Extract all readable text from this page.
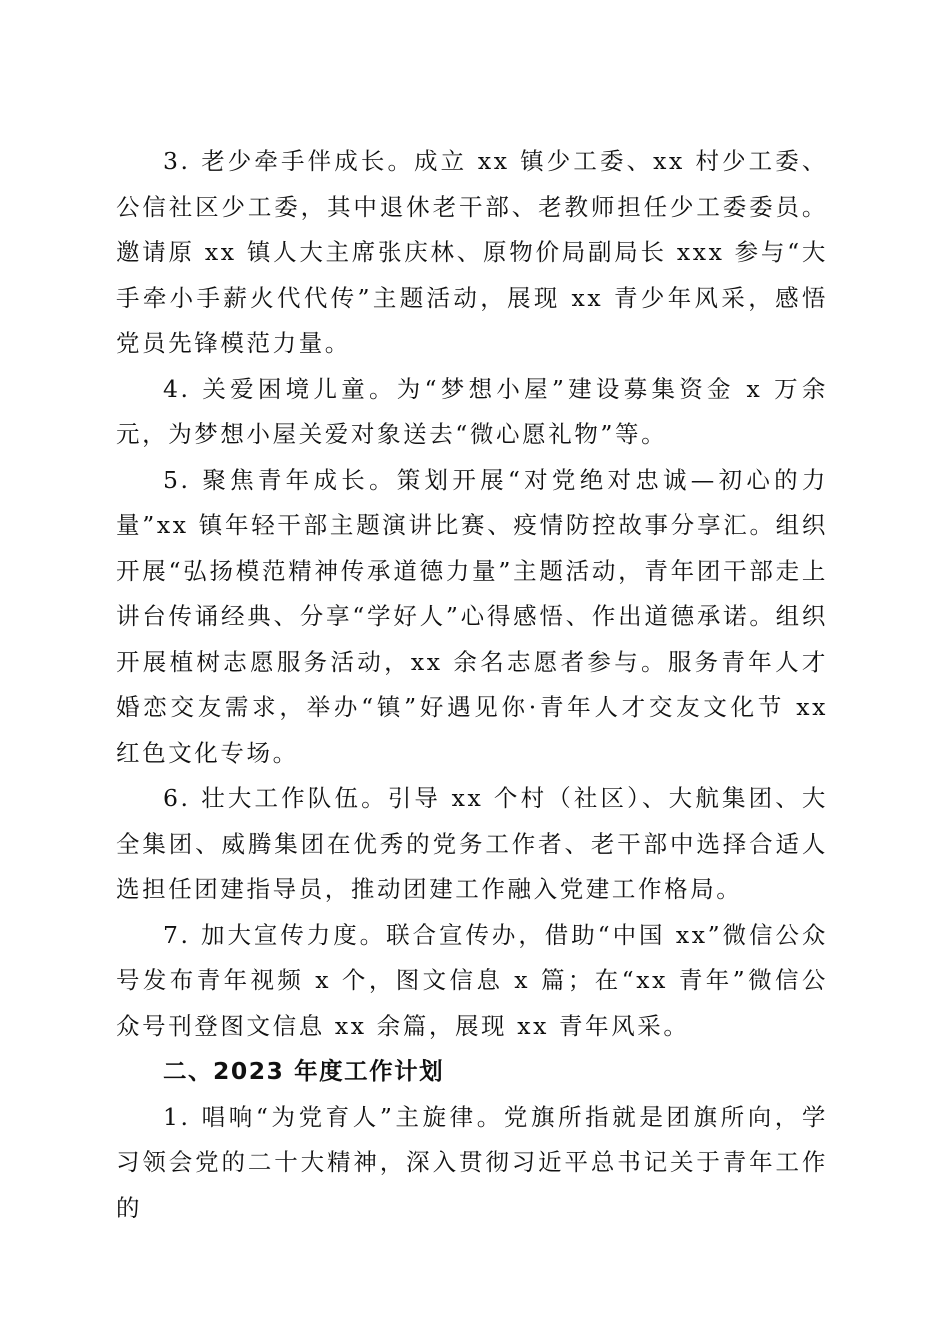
3. 老少牵手伴成长。成立 xx 镇少工委、xx 村少工委、公信社区少工委，其中退休老干部、老教师担任少工委委员。邀请原 xx 镇人大主席张庆林、原物价局副局长 xxx 参与“大手牵小手薪火代代传”主题活动，展现 xx 青少年风采，感悟党员先锋模范力量。

4. 关爱困境儿童。为“梦想小屋”建设募集资金 x 万余元，为梦想小屋关爱对象送去“微心愿礼物”等。

5. 聚焦青年成长。策划开展“对党绝对忠诚—初心的力量”xx 镇年轻干部主题演讲比赛、疫情防控故事分享汇。组织开展“弘扬模范精神传承道德力量”主题活动，青年团干部走上讲台传诵经典、分享“学好人”心得感悟、作出道德承诺。组织开展植树志愿服务活动，xx 余名志愿者参与。服务青年人才婚恋交友需求，举办“镇”好遇见你·青年人才交友文化节 xx 红色文化专场。

6. 壮大工作队伍。引导 xx 个村（社区）、大航集团、大全集团、威腾集团在优秀的党务工作者、老干部中选择合适人选担任团建指导员，推动团建工作融入党建工作格局。

7. 加大宣传力度。联合宣传办，借助“中国 xx”微信公众号发布青年视频 x 个，图文信息 x 篇；在“xx 青年”微信公众号刊登图文信息 xx 余篇，展现 xx 青年风采。

二、2023 年度工作计划

1. 唱响“为党育人”主旋律。党旗所指就是团旗所向，学习领会党的二十大精神，深入贯彻习近平总书记关于青年工作的
